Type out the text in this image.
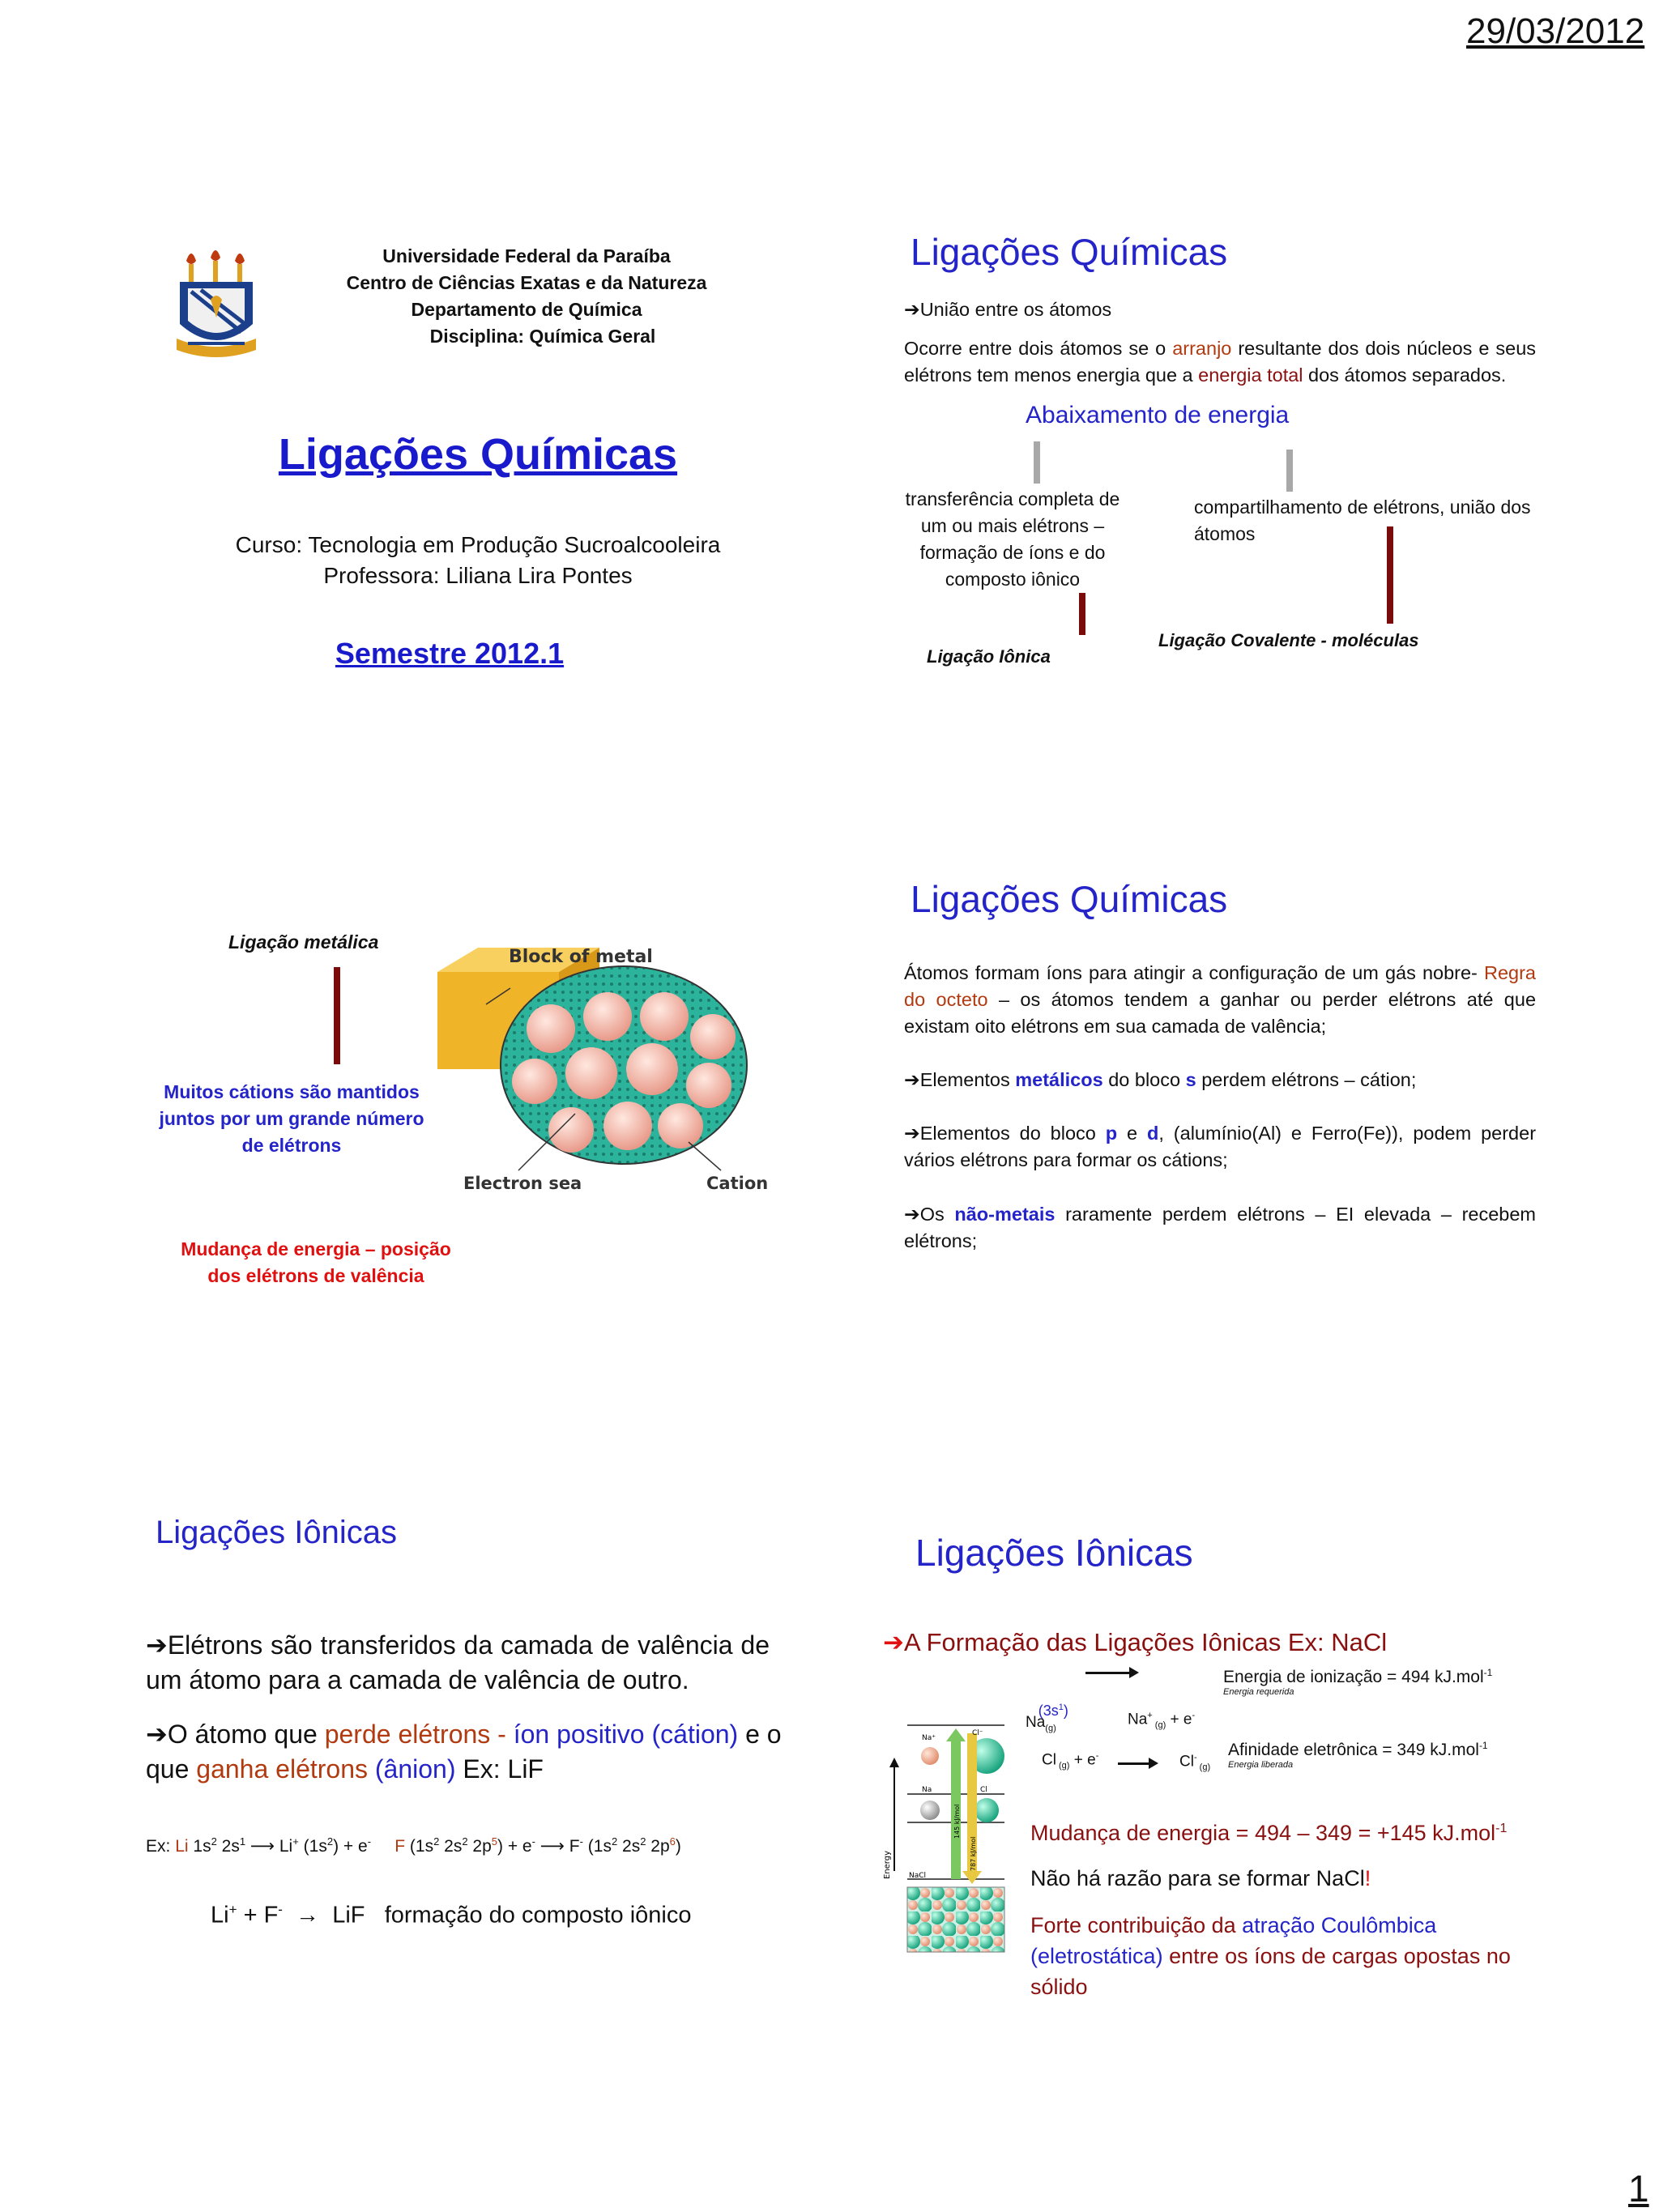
29/03/2012
1
Universidade Federal da Paraíba
Centro de Ciências Exatas e da Natureza
Departamento de Química
Disciplina: Química Geral
Ligações Químicas
Curso: Tecnologia em Produção Sucroalcooleira
Professora: Liliana Lira Pontes
Semestre 2012.1
Ligações Químicas
➔União entre os átomos
Ocorre entre dois átomos se o arranjo resultante dos dois núcleos e seus elétrons tem menos energia que a energia total dos átomos separados.
Abaixamento de energia
transferência completa de um ou mais elétrons – formação de íons e do composto iônico
compartilhamento de elétrons, união dos átomos
Ligação Covalente - moléculas
Ligação Iônica
Ligação metálica
Muitos cátions são mantidos juntos por um grande número de elétrons
Mudança de energia – posição dos elétrons de valência
Block of metal
Electron sea	Cation
Ligações Químicas
Átomos formam íons para atingir a configuração de um gás nobre- Regra do octeto – os átomos tendem a ganhar ou perder elétrons até que existam oito elétrons em sua camada de valência;
➔Elementos metálicos do bloco s perdem elétrons – cátion;
➔Elementos do bloco p e d, (alumínio(Al) e Ferro(Fe)), podem perder vários elétrons para formar os cátions;
➔Os não-metais raramente perdem elétrons – EI elevada – recebem elétrons;
Ligações Iônicas
➔Elétrons são transferidos da camada de valência de um átomo para a camada de valência de outro.
➔O átomo que perde elétrons - íon positivo (cátion) e o que ganha elétrons (ânion) Ex: LiF
Ex: Li $1s^2$ $2s^1$ ⟶ Li+ $(1s^2) + e^-$ F ($1s^2$ $2s^2$ $2p^5) + e^-$ ⟶ F- ($1s^2$ $2s^2$ $2p^6$)
Li+ + F- → LiF formação do composto iônico
Ligações Iônicas
➔A Formação das Ligações Iônicas Ex: NaCl
$Na_{(g)}(3s^1)$
Na+ $_{(g)}$ + e-
Energia de ionização = 494 kJ.mol$^{-1}$
Energia requerida
Cl $_{(g)}$ + e-	Cl- $_{(g)}$
Afinidade eletrônica = 349 kJ.mol$^{-1}$
Energia liberada
Energy
Na⁺
Cl⁻
Na	Cl
NaCl
145 kJ/mol
787 kJ/mol
Mudança de energia = 494 – 349 = +145 kJ.mol$^{-1}$
Não há razão para se formar NaCl!
Forte contribuição da atração Coulômbica (eletrostática) entre os íons de cargas opostas no sólido
